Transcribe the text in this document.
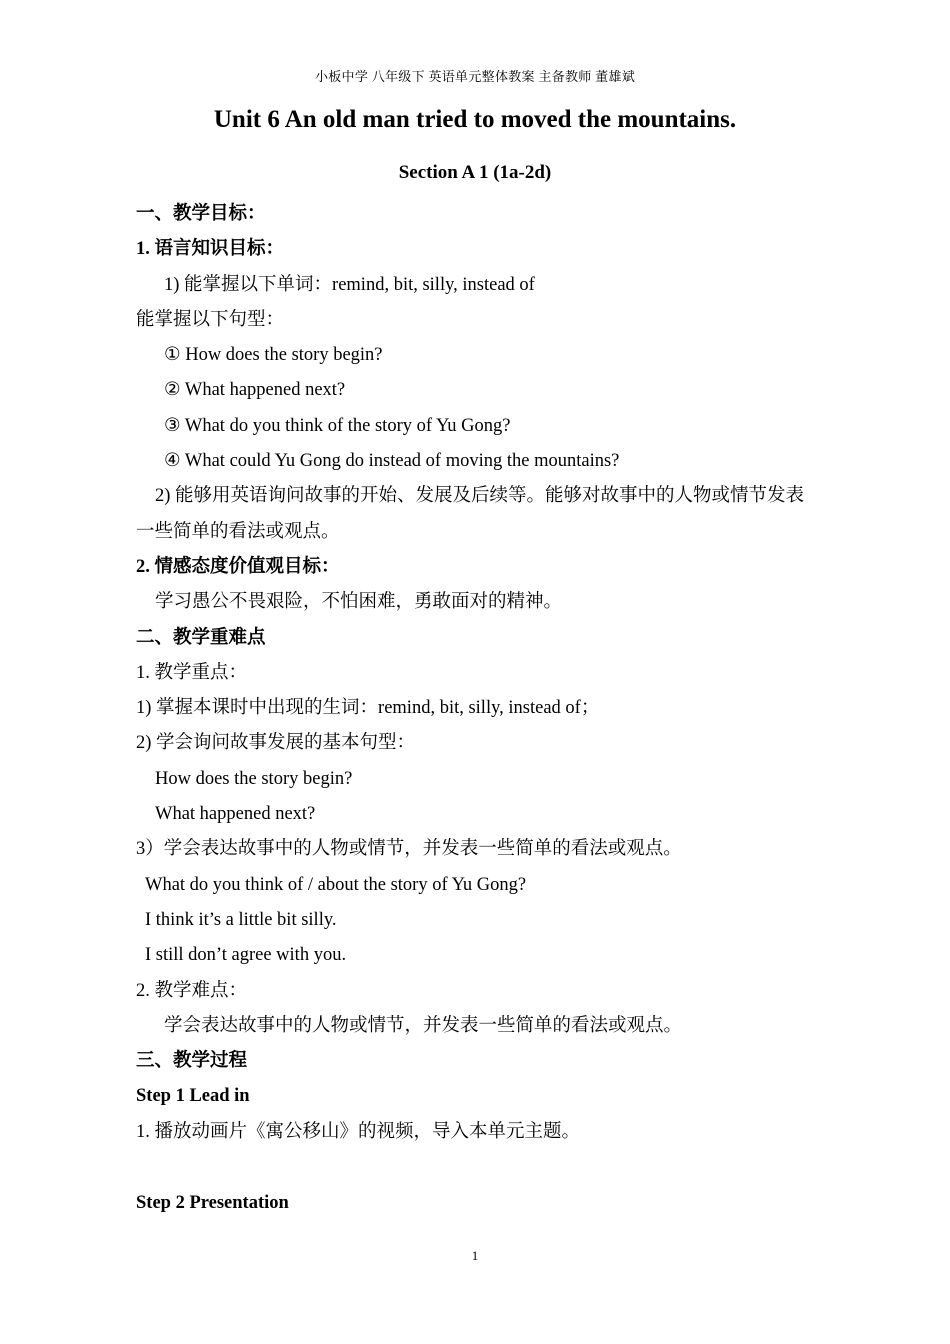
小板中学 八年级下 英语单元整体教案 主备教师 董雄斌
Unit 6 An old man tried to moved the mountains.
Section A 1 (1a-2d)
一、教学目标：
1. 语言知识目标：
1) 能掌握以下单词：remind, bit, silly, instead of
能掌握以下句型：
① How does the story begin?
② What happened next?
③ What do you think of the story of Yu Gong?
④ What could Yu Gong do instead of moving the mountains?
2) 能够用英语询问故事的开始、发展及后续等。能够对故事中的人物或情节发表
一些简单的看法或观点。
2. 情感态度价值观目标：
学习愚公不畏艰险，不怕困难，勇敢面对的精神。
二、教学重难点
1. 教学重点：
1) 掌握本课时中出现的生词：remind, bit, silly, instead of；
2) 学会询问故事发展的基本句型：
How does the story begin?
What happened next?
3）学会表达故事中的人物或情节，并发表一些简单的看法或观点。
What do you think of / about the story of Yu Gong?
I think it’s a little bit silly.
I still don’t agree with you.
2. 教学难点：
学会表达故事中的人物或情节，并发表一些简单的看法或观点。
三、教学过程
Step 1 Lead in
1. 播放动画片《寓公移山》的视频，导入本单元主题。
Step 2 Presentation
1
